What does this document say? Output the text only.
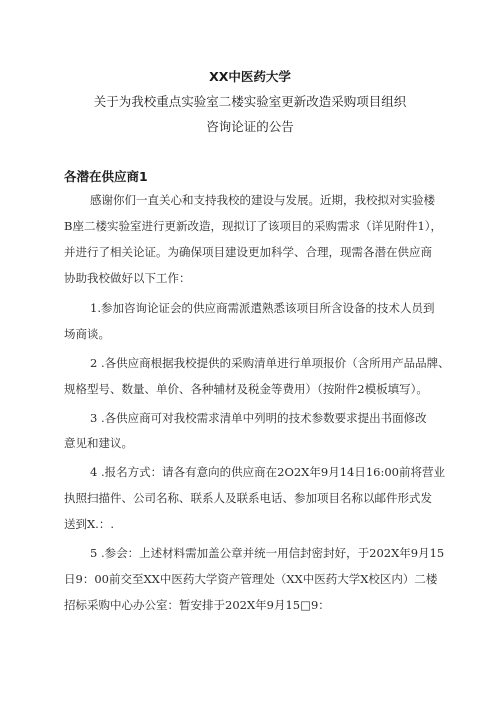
XX中医药大学
关于为我校重点实验室二楼实验室更新改造采购项目组织
咨询论证的公告
各潜在供应商1
感谢你们一直关心和支持我校的建设与发展。近期，我校拟对实验楼
B座二楼实验室进行更新改造，现拟订了该项目的采购需求（详见附件1），
并进行了相关论证。为确保项目建设更加科学、合理，现需各潜在供应商
协助我校做好以下工作：
1.参加咨询论证会的供应商需派遣熟悉该项目所含设备的技术人员到
场商谈。
2 .各供应商根据我校提供的采购清单进行单项报价（含所用产品品牌、
规格型号、数量、单价、各种辅材及税金等费用）（按附件2模板填写）。
3 .各供应商可对我校需求清单中列明的技术参数要求提出书面修改
意见和建议。
4 .报名方式：请各有意向的供应商在2O2X年9月14日16:00前将营业
执照扫描件、公司名称、联系人及联系电话、参加项目名称以邮件形式发
送到X.：.
5 .参会：上述材料需加盖公章并统一用信封密封好，于202X年9月15
日9：00前交至XX中医药大学资产管理处（XX中医药大学X校区内）二楼
招标采购中心办公室：暂安排于202X年9月15□9：
